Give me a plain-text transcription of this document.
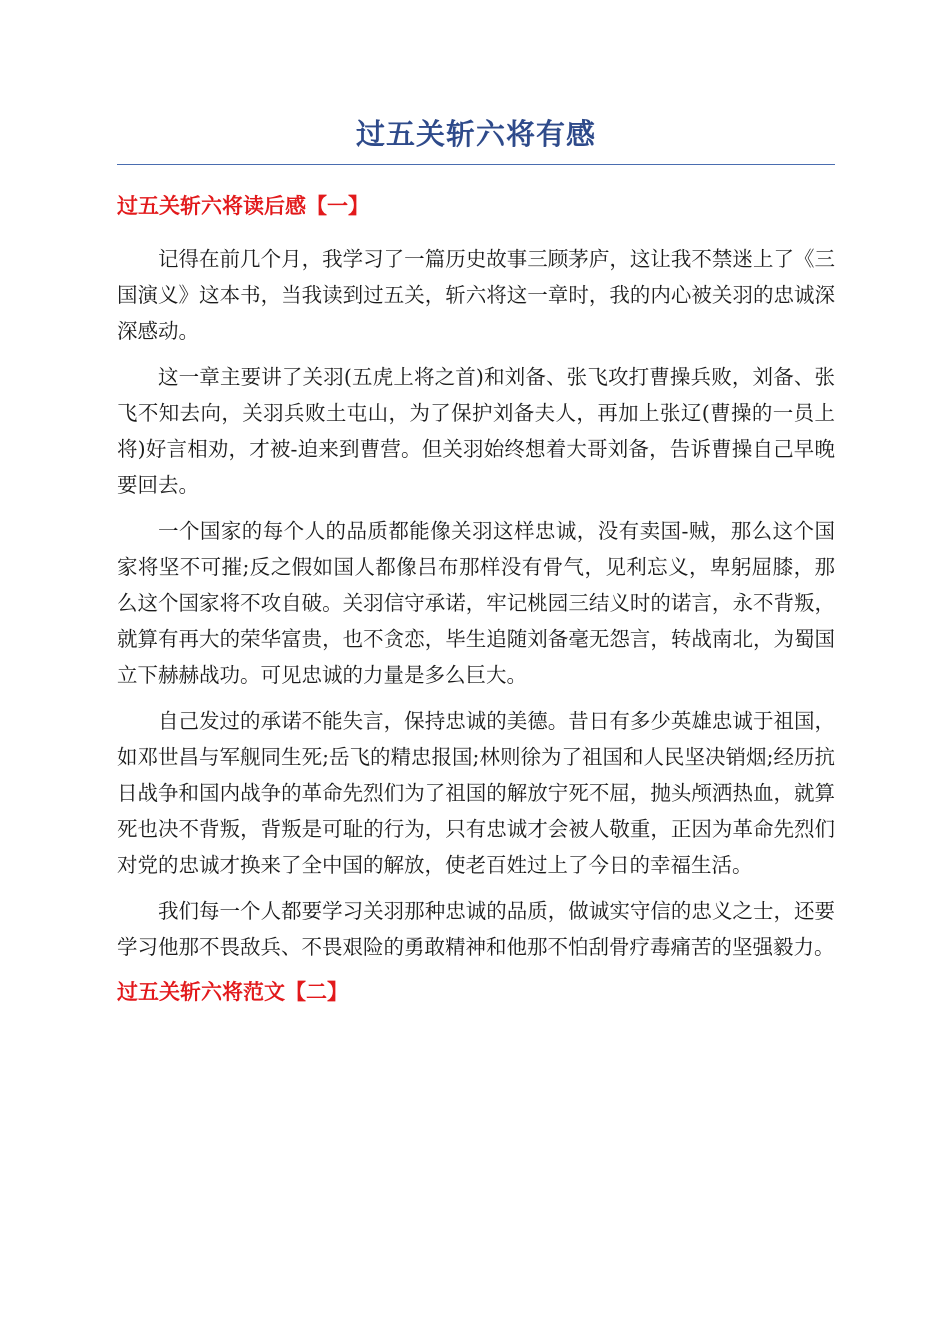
过五关斩六将有感
过五关斩六将读后感【一】

记得在前几个月，我学习了一篇历史故事三顾茅庐，这让我不禁迷上了《三国演义》这本书，当我读到过五关，斩六将这一章时，我的内心被关羽的忠诚深深感动。

这一章主要讲了关羽(五虎上将之首)和刘备、张飞攻打曹操兵败，刘备、张飞不知去向，关羽兵败土屯山，为了保护刘备夫人，再加上张辽(曹操的一员上将)好言相劝，才被-迫来到曹营。但关羽始终想着大哥刘备，告诉曹操自己早晚要回去。

一个国家的每个人的品质都能像关羽这样忠诚，没有卖国-贼，那么这个国家将坚不可摧;反之假如国人都像吕布那样没有骨气，见利忘义，卑躬屈膝，那么这个国家将不攻自破。关羽信守承诺，牢记桃园三结义时的诺言，永不背叛，就算有再大的荣华富贵，也不贪恋，毕生追随刘备毫无怨言，转战南北，为蜀国立下赫赫战功。可见忠诚的力量是多么巨大。

自己发过的承诺不能失言，保持忠诚的美德。昔日有多少英雄忠诚于祖国，如邓世昌与军舰同生死;岳飞的精忠报国;林则徐为了祖国和人民坚决销烟;经历抗日战争和国内战争的革命先烈们为了祖国的解放宁死不屈，抛头颅洒热血，就算死也决不背叛，背叛是可耻的行为，只有忠诚才会被人敬重，正因为革命先烈们对党的忠诚才换来了全中国的解放，使老百姓过上了今日的幸福生活。

我们每一个人都要学习关羽那种忠诚的品质，做诚实守信的忠义之士，还要学习他那不畏敌兵、不畏艰险的勇敢精神和他那不怕刮骨疗毒痛苦的坚强毅力。

过五关斩六将范文【二】
